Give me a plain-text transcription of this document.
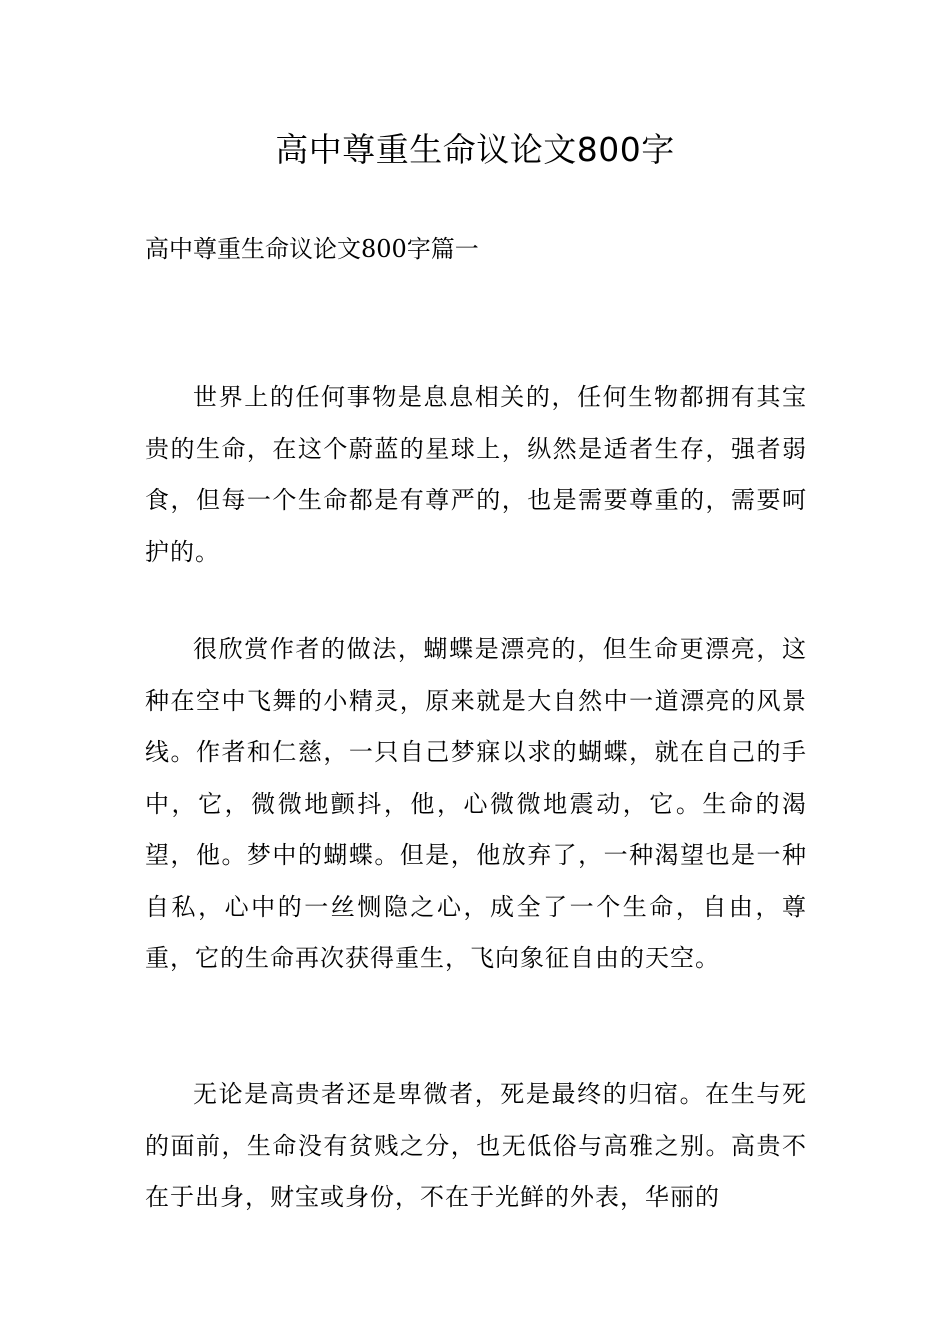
高中尊重生命议论文800字

高中尊重生命议论文800字篇一

世界上的任何事物是息息相关的，任何生物都拥有其宝贵的生命，在这个蔚蓝的星球上，纵然是适者生存，强者弱食，但每一个生命都是有尊严的，也是需要尊重的，需要呵护的。

很欣赏作者的做法，蝴蝶是漂亮的，但生命更漂亮，这种在空中飞舞的小精灵，原来就是大自然中一道漂亮的风景线。作者和仁慈，一只自己梦寐以求的蝴蝶，就在自己的手中，它，微微地颤抖，他，心微微地震动，它。生命的渴望，他。梦中的蝴蝶。但是，他放弃了，一种渴望也是一种自私，心中的一丝恻隐之心，成全了一个生命，自由，尊重，它的生命再次获得重生，飞向象征自由的天空。

无论是高贵者还是卑微者，死是最终的归宿。在生与死的面前，生命没有贫贱之分，也无低俗与高雅之别。高贵不在于出身，财宝或身份，不在于光鲜的外表，华丽的
